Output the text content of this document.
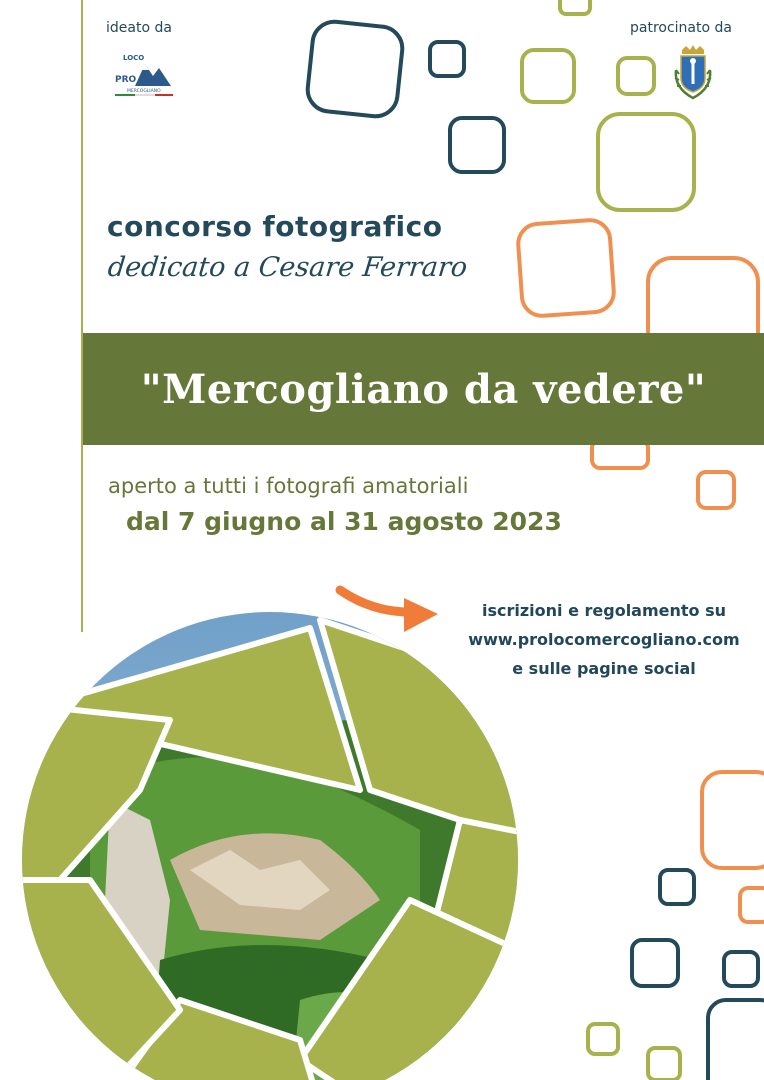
ideato da	patrocinato da
LOCO
PRO
MERCOGLIANO
concorso fotografico
dedicato a Cesare Ferraro
"Mercogliano da vedere"
aperto a tutti i fotografi amatoriali
dal 7 giugno al 31 agosto 2023
iscrizioni e regolamento su
www.prolocomercogliano.com
e sulle pagine social
